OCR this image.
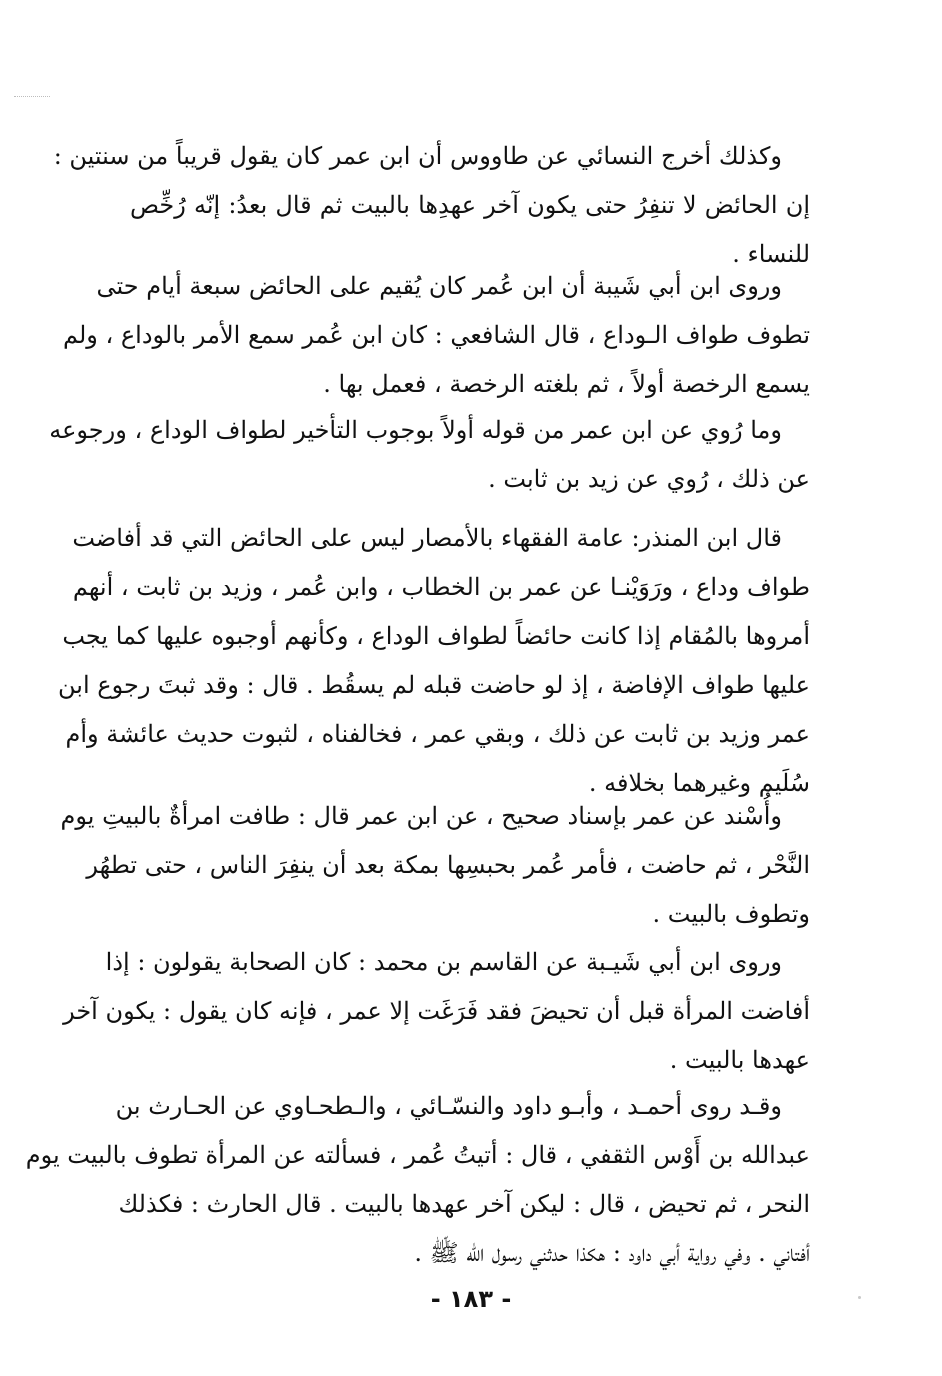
وكذلك أخرج النسائي عن طاووس أن ابن عمر كان يقول قريباً من سنتين :
إن الحائض لا تنفِرُ حتى يكون آخر عهدِها بالبيت ثم قال بعدُ: إنّه رُخِّص
للنساء .
وروى ابن أبي شَيبة أن ابن عُمر كان يُقيم على الحائض سبعة أيام حتى
تطوف طواف الـوداع ، قال الشافعي : كان ابن عُمر سمع الأمر بالوداع ، ولم
يسمع الرخصة أولاً ، ثم بلغته الرخصة ، فعمل بها .
وما رُوي عن ابن عمر من قوله أولاً بوجوب التأخير لطواف الوداع ، ورجوعه
عن ذلك ، رُوي عن زيد بن ثابت .
قال ابن المنذر: عامة الفقهاء بالأمصار ليس على الحائض التي قد أفاضت
طواف وداع ، ورَوَيْنـا عن عمر بن الخطاب ، وابن عُمر ، وزيد بن ثابت ، أنهم
أمروها بالمُقام إذا كانت حائضاً لطواف الوداع ، وكأنهم أوجبوه عليها كما يجب
عليها طواف الإفاضة ، إذ لو حاضت قبله لم يسقُط . قال : وقد ثبتَ رجوع ابن
عمر وزيد بن ثابت عن ذلك ، وبقي عمر ، فخالفناه ، لثبوت حديث عائشة وأم
سُلَيم وغيرهما بخلافه .
وأُسْند عن عمر بإسناد صحيح ، عن ابن عمر قال : طافت امرأةٌ بالبيتِ يوم
النَّحْر ، ثم حاضت ، فأمر عُمر بحبسِها بمكة بعد أن ينفِرَ الناس ، حتى تطهُر
وتطوف بالبيت .
وروى ابن أبي شَيـبة عن القاسم بن محمد : كان الصحابة يقولون : إذا
أفاضت المرأة قبل أن تحيضَ فقد فَرَغَت إلا عمر ، فإنه كان يقول : يكون آخر
عهدها بالبيت .
وقـد روى أحمـد ، وأبـو داود والنسّـائي ، والـطحـاوي عن الحـارث بن
عبدالله بن أَوْس الثقفي ، قال : أتيتُ عُمر ، فسألته عن المرأة تطوف بالبيت يوم
النحر ، ثم تحيض ، قال : ليكن آخر عهدها بالبيت . قال الحارث : فكذلك
أفتاني . وفي رواية أبي داود : هكذا حدثني رسول الله ﷺ .
- ١٨٣ -
